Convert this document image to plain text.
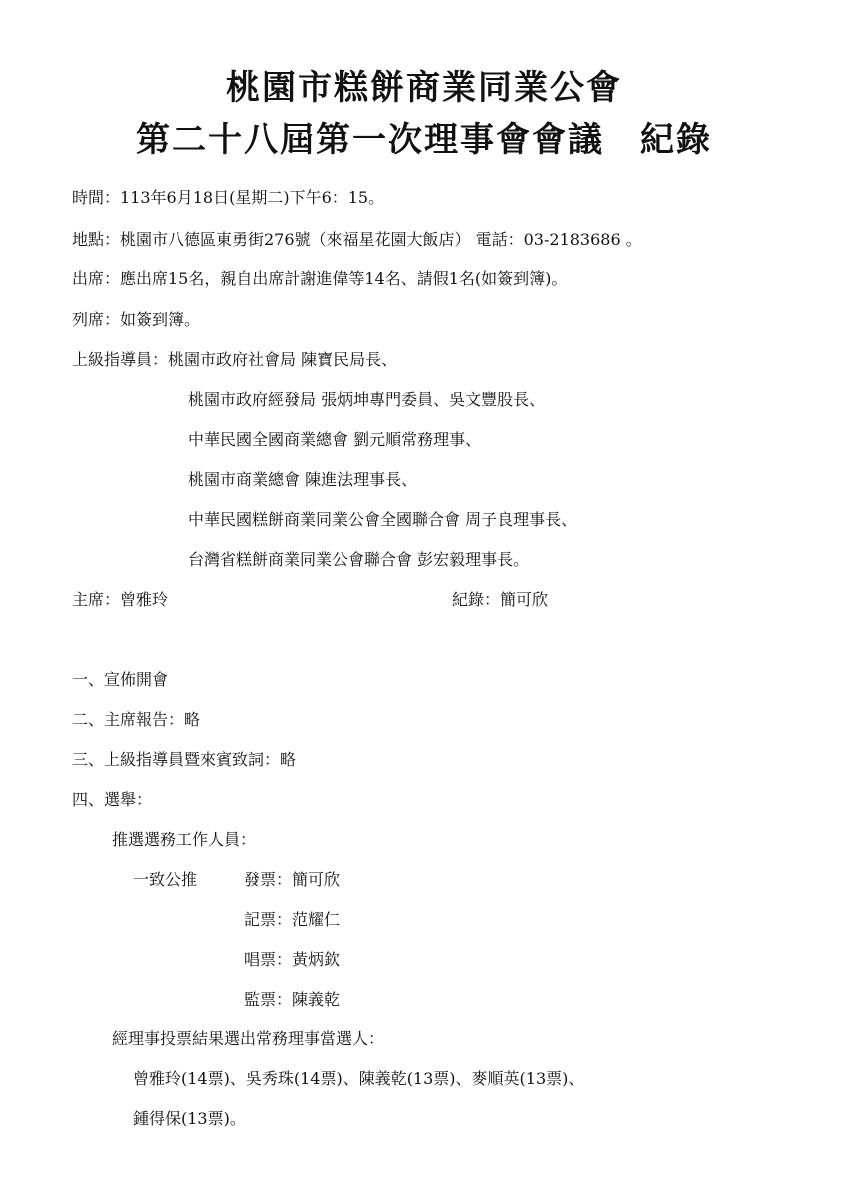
桃園市糕餅商業同業公會
第二十八屆第一次理事會會議　紀錄
時間：113年6月18日(星期二)下午6：15。
地點：桃園市八德區東勇街276號（來福星花園大飯店） 電話：03-2183686 。
出席：應出席15名，親自出席計謝進偉等14名、請假1名(如簽到簿)。
列席：如簽到簿。
上級指導員：桃園市政府社會局 陳寶民局長、
桃園市政府經發局 張炳坤專門委員、吳文豐股長、
中華民國全國商業總會 劉元順常務理事、
桃園市商業總會 陳進法理事長、
中華民國糕餅商業同業公會全國聯合會 周子良理事長、
台灣省糕餅商業同業公會聯合會 彭宏毅理事長。
主席：曾雅玲	紀錄：簡可欣
一、宣佈開會
二、主席報告：略
三、上級指導員暨來賓致詞：略
四、選舉：
推選選務工作人員：
一致公推	發票：簡可欣
記票：范耀仁
唱票：黃炳欽
監票：陳義乾
經理事投票結果選出常務理事當選人：
曾雅玲(14票)、吳秀珠(14票)、陳義乾(13票)、麥順英(13票)、
鍾得保(13票)。
